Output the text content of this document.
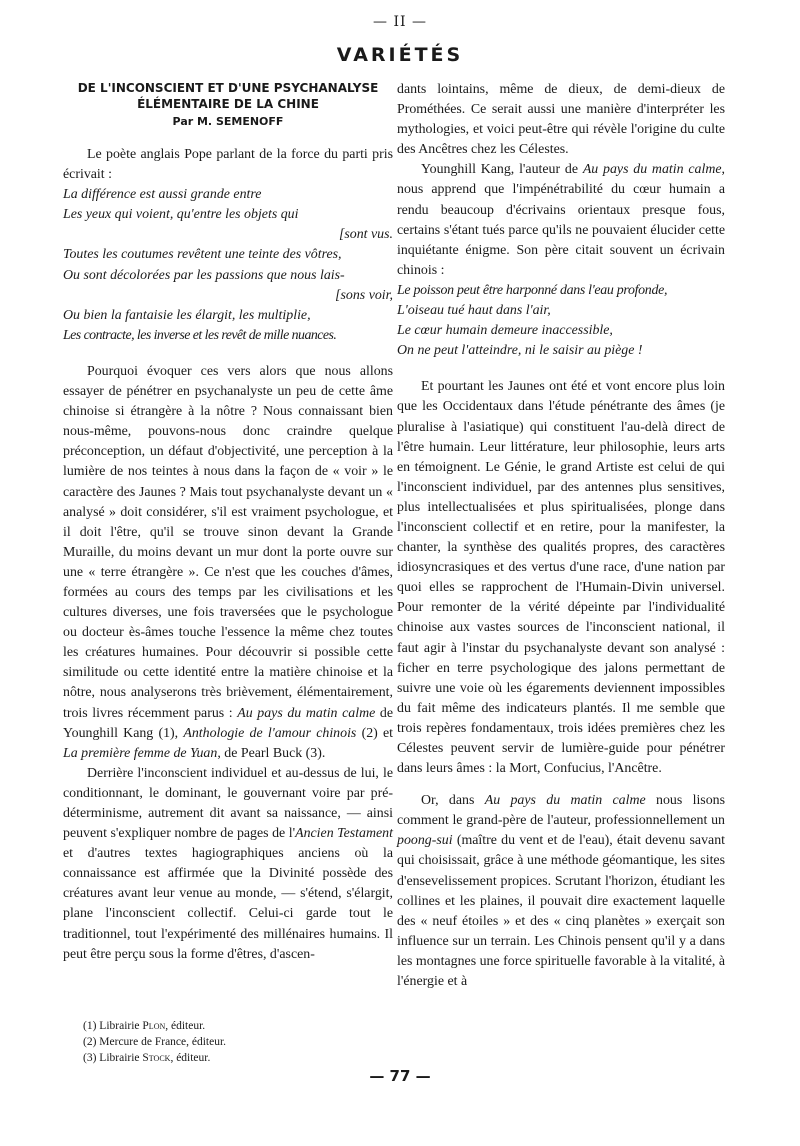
— II —
VARIÉTÉS
DE L'INCONSCIENT ET D'UNE PSYCHANALYSE
ÉLÉMENTAIRE DE LA CHINE
Par M. SEMENOFF

Le poète anglais Pope parlant de la force du parti pris écrivait :

La différence est aussi grande entre
Les yeux qui voient, qu'entre les objets qui
[sont vus.
Toutes les coutumes revêtent une teinte des vôtres,
Ou sont décolorées par les passions que nous lais-
[sons voir,
Ou bien la fantaisie les élargit, les multiplie,
Les contracte, les inverse et les revêt de mille nuances.

Pourquoi évoquer ces vers alors que nous allons essayer de pénétrer en psychanalyste un peu de cette âme chinoise si étrangère à la nôtre ? Nous connaissant bien nous-même, pouvons-nous donc craindre quelque préconception, un défaut d'objectivité, une perception à la lumière de nos teintes à nous dans la façon de « voir » le caractère des Jaunes ? Mais tout psychanalyste devant un « analysé » doit considérer, s'il est vraiment psychologue, et il doit l'être, qu'il se trouve sinon devant la Grande Muraille, du moins devant un mur dont la porte ouvre sur une « terre étrangère ». Ce n'est que les couches d'âmes, formées au cours des temps par les civilisations et les cultures diverses, une fois traversées que le psychologue ou docteur ès-âmes touche l'essence la même chez toutes les créatures humaines. Pour découvrir si possible cette similitude ou cette identité entre la matière chinoise et la nôtre, nous analyserons très brièvement, élémentairement, trois livres récemment parus : Au pays du matin calme de Younghill Kang (1), Anthologie de l'amour chinois (2) et La première femme de Yuan, de Pearl Buck (3).

Derrière l'inconscient individuel et au-dessus de lui, le conditionnant, le dominant, le gouvernant voire par pré-déterminisme, autrement dit avant sa naissance, — ainsi peuvent s'expliquer nombre de pages de l'Ancien Testament et d'autres textes hagiographiques anciens où la connaissance est affirmée que la Divinité possède des créatures avant leur venue au monde, — s'étend, s'élargit, plane l'inconscient collectif. Celui-ci garde tout le traditionnel, tout l'expérimenté des millénaires humains. Il peut être perçu sous la forme d'êtres, d'ascen-

dants lointains, même de dieux, de demi-dieux de Prométhées. Ce serait aussi une manière d'interpréter les mythologies, et voici peut-être qui révèle l'origine du culte des Ancêtres chez les Célestes.

Younghill Kang, l'auteur de Au pays du matin calme, nous apprend que l'impénétrabilité du cœur humain a rendu beaucoup d'écrivains orientaux presque fous, certains s'étant tués parce qu'ils ne pouvaient élucider cette inquiétante énigme. Son père citait souvent un écrivain chinois :

Le poisson peut être harponné dans l'eau profonde,
L'oiseau tué haut dans l'air,
Le cœur humain demeure inaccessible,
On ne peut l'atteindre, ni le saisir au piège !

Et pourtant les Jaunes ont été et vont encore plus loin que les Occidentaux dans l'étude pénétrante des âmes (je pluralise à l'asiatique) qui constituent l'au-delà direct de l'être humain. Leur littérature, leur philosophie, leurs arts en témoignent. Le Génie, le grand Artiste est celui de qui l'inconscient individuel, par des antennes plus sensitives, plus intellectualisées et plus spiritualisées, plonge dans l'inconscient collectif et en retire, pour la manifester, la chanter, la synthèse des qualités propres, des caractères idiosyncrasiques et des vertus d'une race, d'une nation par quoi elles se rapprochent de l'Humain-Divin universel. Pour remonter de la vérité dépeinte par l'individualité chinoise aux vastes sources de l'inconscient national, il faut agir à l'instar du psychanalyste devant son analysé : ficher en terre psychologique des jalons permettant de suivre une voie où les égarements deviennent impossibles du fait même des indicateurs plantés. Il me semble que trois repères fondamentaux, trois idées premières chez les Célestes peuvent servir de lumière-guide pour pénétrer dans leurs âmes : la Mort, Confucius, l'Ancêtre.

Or, dans Au pays du matin calme nous lisons comment le grand-père de l'auteur, professionnellement un poong-sui (maître du vent et de l'eau), était devenu savant qui choisissait, grâce à une méthode géomantique, les sites d'ensevelissement propices. Scrutant l'horizon, étudiant les collines et les plaines, il pouvait dire exactement laquelle des « neuf étoiles » et des « cinq planètes » exerçait son influence sur un terrain. Les Chinois pensent qu'il y a dans les montagnes une force spirituelle favorable à la vitalité, à l'énergie et à

(1) Librairie Plon, éditeur.
(2) Mercure de France, éditeur.
(3) Librairie Stock, éditeur.
— 77 —
